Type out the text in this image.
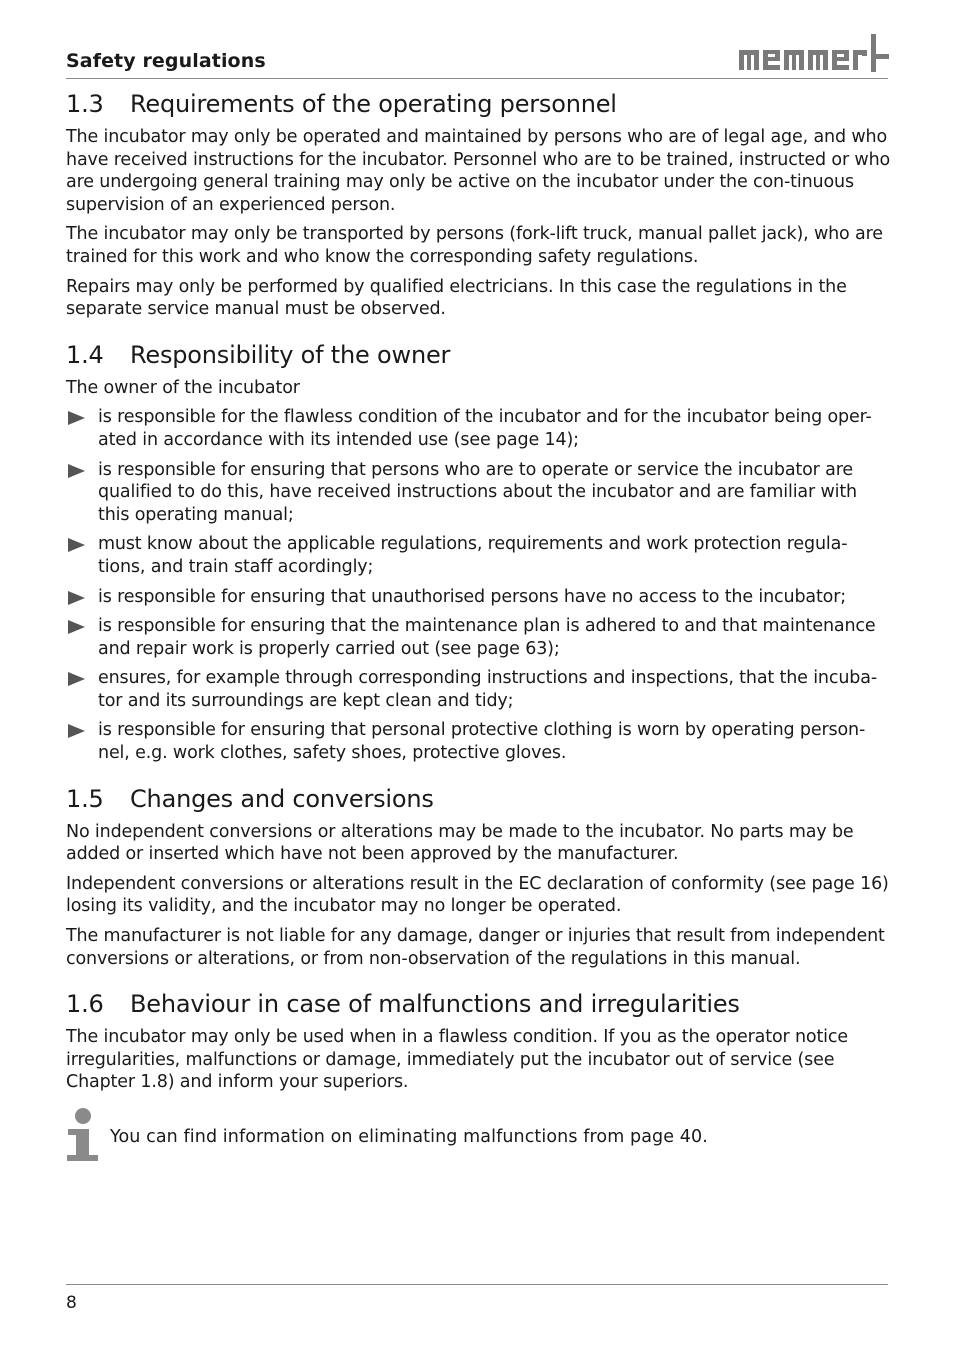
Safety regulations
1.3 Requirements of the operating personnel

The incubator may only be operated and maintained by persons who are of legal age, and who have received instructions for the incubator. Personnel who are to be trained, instructed or who are undergoing general training may only be active on the incubator under the con-tinuous supervision of an experienced person.

The incubator may only be transported by persons (fork-lift truck, manual pallet jack), who are trained for this work and who know the corresponding safety regulations.

Repairs may only be performed by qualified electricians. In this case the regulations in the separate service manual must be observed.

1.4 Responsibility of the owner

The owner of the incubator

is responsible for the flawless condition of the incubator and for the incubator being oper-ated in accordance with its intended use (see page 14);
is responsible for ensuring that persons who are to operate or service the incubator are qualified to do this, have received instructions about the incubator and are familiar with this operating manual;
must know about the applicable regulations, requirements and work protection regula-tions, and train staff acordingly;
is responsible for ensuring that unauthorised persons have no access to the incubator;
is responsible for ensuring that the maintenance plan is adhered to and that maintenance and repair work is properly carried out (see page 63);
ensures, for example through corresponding instructions and inspections, that the incuba-tor and its surroundings are kept clean and tidy;
is responsible for ensuring that personal protective clothing is worn by operating person-nel, e.g. work clothes, safety shoes, protective gloves.
1.5 Changes and conversions

No independent conversions or alterations may be made to the incubator. No parts may be added or inserted which have not been approved by the manufacturer.

Independent conversions or alterations result in the EC declaration of conformity (see page 16) losing its validity, and the incubator may no longer be operated.

The manufacturer is not liable for any damage, danger or injuries that result from independent conversions or alterations, or from non-observation of the regulations in this manual.

1.6 Behaviour in case of malfunctions and irregularities

The incubator may only be used when in a flawless condition. If you as the operator notice irregularities, malfunctions or damage, immediately put the incubator out of service (see Chapter 1.8) and inform your superiors.

You can find information on eliminating malfunctions from page 40.
8
